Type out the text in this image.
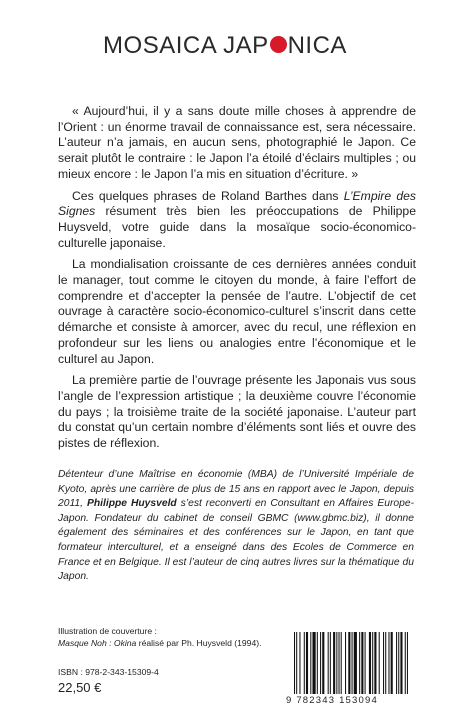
MOSAICA JAP NICA

« Aujourd’hui, il y a sans doute mille choses à apprendre de l’Orient : un énorme travail de connaissance est, sera nécessaire. L’auteur n’a jamais, en aucun sens, photographié le Japon. Ce serait plutôt le contraire : le Japon l’a étoilé d’éclairs multiples ; ou mieux encore : le Japon l’a mis en situation d’écriture. »

Ces quelques phrases de Roland Barthes dans L’Empire des Signes résument très bien les préoccupations de Philippe Huysveld, votre guide dans la mosaïque socio-économico-culturelle japonaise.

La mondialisation croissante de ces dernières années conduit le manager, tout comme le citoyen du monde, à faire l’effort de comprendre et d’accepter la pensée de l’autre. L’objectif de cet ouvrage à caractère socio-économico-culturel s’inscrit dans cette démarche et consiste à amorcer, avec du recul, une réflexion en profondeur sur les liens ou analogies entre l’économique et le culturel au Japon.

La première partie de l’ouvrage présente les Japonais vus sous l’angle de l’expression artistique ; la deuxième couvre l’économie du pays ; la troisième traite de la société japonaise. L’auteur part du constat qu’un certain nombre d’éléments sont liés et ouvre des pistes de réflexion.

Détenteur d’une Maîtrise en économie (MBA) de l’Université Impériale de Kyoto, après une carrière de plus de 15 ans en rapport avec le Japon, depuis 2011, Philippe Huysveld s’est reconverti en Consultant en Affaires Europe-Japon. Fondateur du cabinet de conseil GBMC (www.gbmc.biz), il donne également des séminaires et des conférences sur le Japon, en tant que formateur interculturel, et a enseigné dans des Ecoles de Commerce en France et en Belgique. Il est l’auteur de cinq autres livres sur la thématique du Japon.
Illustration de couverture :
Masque Noh : Okina réalisé par Ph. Huysveld (1994).
ISBN : 978-2-343-15309-4
22,50 €
9 782343 153094
